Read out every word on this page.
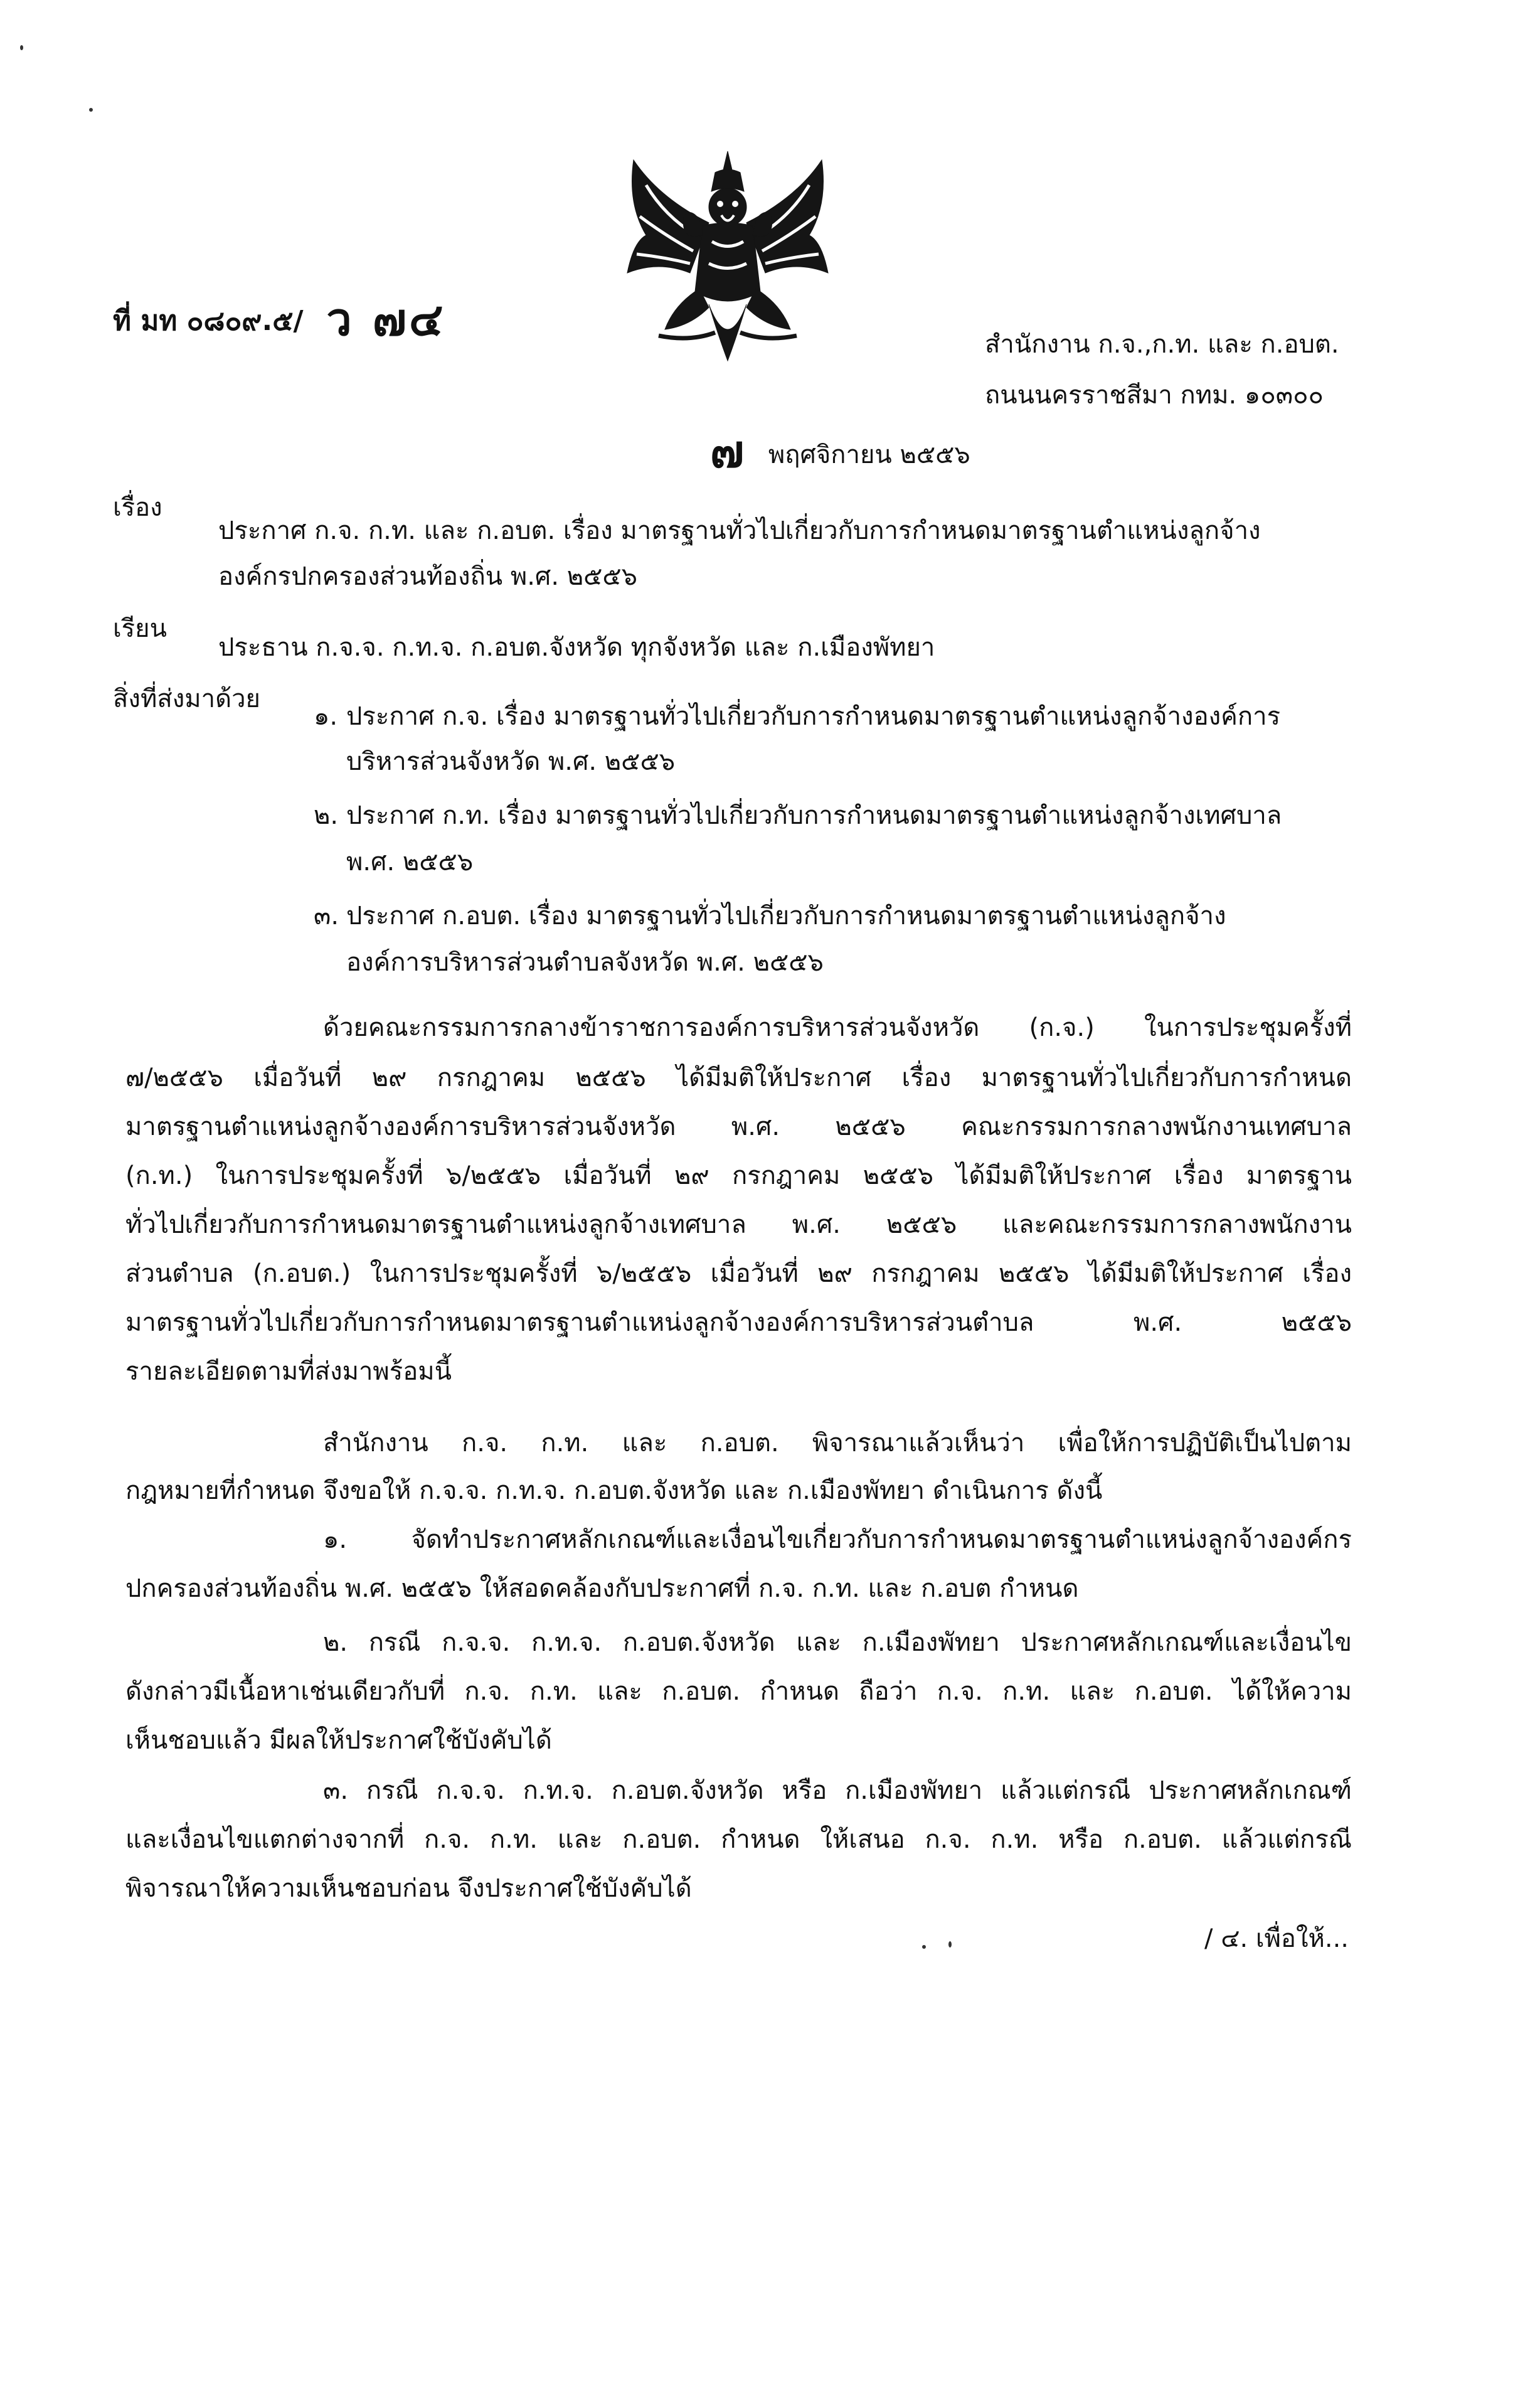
ที่ มท ๐๘๐๙.๕/ ว ๗๔	สำนักงาน ก.จ.,ก.ท. และ ก.อบต.
ถนนนครราชสีมา กทม. ๑๐๓๐๐
๗ พฤศจิกายน ๒๕๕๖
เรื่อง
ประกาศ ก.จ. ก.ท. และ ก.อบต. เรื่อง มาตรฐานทั่วไปเกี่ยวกับการกำหนดมาตรฐานตำแหน่งลูกจ้าง
องค์กรปกครองส่วนท้องถิ่น พ.ศ. ๒๕๕๖
เรียน
ประธาน ก.จ.จ. ก.ท.จ. ก.อบต.จังหวัด ทุกจังหวัด และ ก.เมืองพัทยา
สิ่งที่ส่งมาด้วย
๑. ประกาศ ก.จ. เรื่อง มาตรฐานทั่วไปเกี่ยวกับการกำหนดมาตรฐานตำแหน่งลูกจ้างองค์การ
บริหารส่วนจังหวัด พ.ศ. ๒๕๕๖
๒. ประกาศ ก.ท. เรื่อง มาตรฐานทั่วไปเกี่ยวกับการกำหนดมาตรฐานตำแหน่งลูกจ้างเทศบาล
พ.ศ. ๒๕๕๖
๓. ประกาศ ก.อบต. เรื่อง มาตรฐานทั่วไปเกี่ยวกับการกำหนดมาตรฐานตำแหน่งลูกจ้าง
องค์การบริหารส่วนตำบลจังหวัด พ.ศ. ๒๕๕๖
ด้วยคณะกรรมการกลางข้าราชการองค์การบริหารส่วนจังหวัด (ก.จ.) ในการประชุมครั้งที่
๗/๒๕๕๖ เมื่อวันที่ ๒๙ กรกฎาคม ๒๕๕๖ ได้มีมติให้ประกาศ เรื่อง มาตรฐานทั่วไปเกี่ยวกับการกำหนด
มาตรฐานตำแหน่งลูกจ้างองค์การบริหารส่วนจังหวัด พ.ศ. ๒๕๕๖ คณะกรรมการกลางพนักงานเทศบาล
(ก.ท.) ในการประชุมครั้งที่ ๖/๒๕๕๖ เมื่อวันที่ ๒๙ กรกฎาคม ๒๕๕๖ ได้มีมติให้ประกาศ เรื่อง มาตรฐาน
ทั่วไปเกี่ยวกับการกำหนดมาตรฐานตำแหน่งลูกจ้างเทศบาล พ.ศ. ๒๕๕๖ และคณะกรรมการกลางพนักงาน
ส่วนตำบล (ก.อบต.) ในการประชุมครั้งที่ ๖/๒๕๕๖ เมื่อวันที่ ๒๙ กรกฎาคม ๒๕๕๖ ได้มีมติให้ประกาศ เรื่อง
มาตรฐานทั่วไปเกี่ยวกับการกำหนดมาตรฐานตำแหน่งลูกจ้างองค์การบริหารส่วนตำบล พ.ศ. ๒๕๕๖
รายละเอียดตามที่ส่งมาพร้อมนี้
สำนักงาน ก.จ. ก.ท. และ ก.อบต. พิจารณาแล้วเห็นว่า เพื่อให้การปฏิบัติเป็นไปตาม
กฎหมายที่กำหนด จึงขอให้ ก.จ.จ. ก.ท.จ. ก.อบต.จังหวัด และ ก.เมืองพัทยา ดำเนินการ ดังนี้
๑. จัดทำประกาศหลักเกณฑ์และเงื่อนไขเกี่ยวกับการกำหนดมาตรฐานตำแหน่งลูกจ้างองค์กร
ปกครองส่วนท้องถิ่น พ.ศ. ๒๕๕๖ ให้สอดคล้องกับประกาศที่ ก.จ. ก.ท. และ ก.อบต กำหนด
๒. กรณี ก.จ.จ. ก.ท.จ. ก.อบต.จังหวัด และ ก.เมืองพัทยา ประกาศหลักเกณฑ์และเงื่อนไข
ดังกล่าวมีเนื้อหาเช่นเดียวกับที่ ก.จ. ก.ท. และ ก.อบต. กำหนด ถือว่า ก.จ. ก.ท. และ ก.อบต. ได้ให้ความ
เห็นชอบแล้ว มีผลให้ประกาศใช้บังคับได้
๓. กรณี ก.จ.จ. ก.ท.จ. ก.อบต.จังหวัด หรือ ก.เมืองพัทยา แล้วแต่กรณี ประกาศหลักเกณฑ์
และเงื่อนไขแตกต่างจากที่ ก.จ. ก.ท. และ ก.อบต. กำหนด ให้เสนอ ก.จ. ก.ท. หรือ ก.อบต. แล้วแต่กรณี
พิจารณาให้ความเห็นชอบก่อน จึงประกาศใช้บังคับได้
/ ๔. เพื่อให้...
